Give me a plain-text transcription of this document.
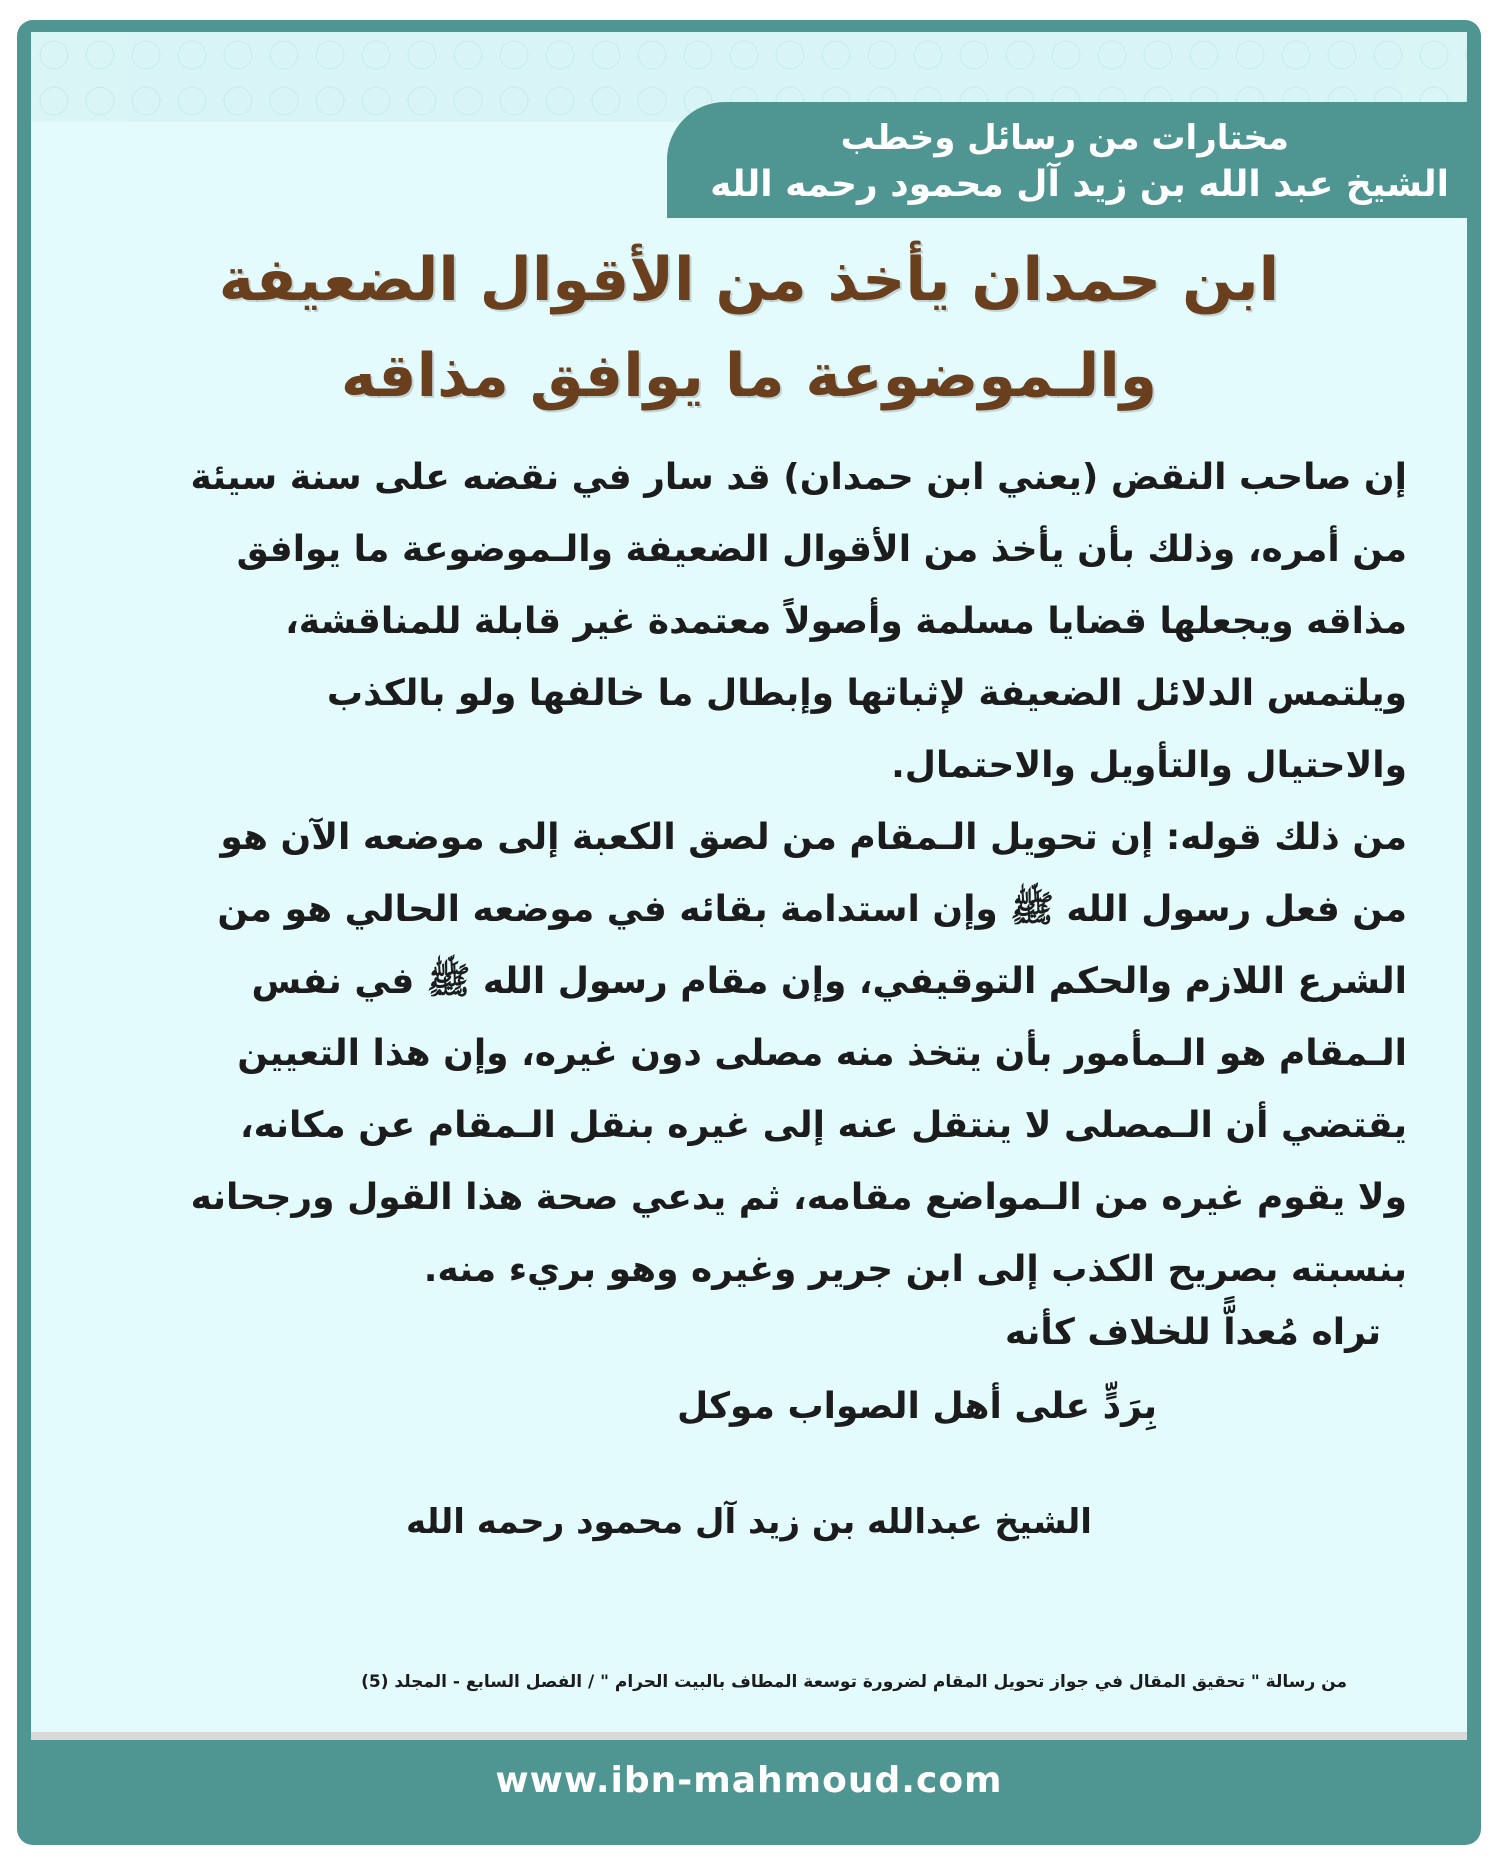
مختارات من رسائل وخطب
الشيخ عبد الله بن زيد آل محمود رحمه الله
ابن حمدان يأخذ من الأقوال الضعيفة
والـموضوعة ما يوافق مذاقه
إن صاحب النقض (يعني ابن حمدان) قد سار في نقضه على سنة سيئة
من أمره، وذلك بأن يأخذ من الأقوال الضعيفة والـموضوعة ما يوافق
مذاقه ويجعلها قضايا مسلمة وأصولاً معتمدة غير قابلة للمناقشة،
ويلتمس الدلائل الضعيفة لإثباتها وإبطال ما خالفها ولو بالكذب
والاحتيال والتأويل والاحتمال.
من ذلك قوله: إن تحويل الـمقام من لصق الكعبة إلى موضعه الآن هو
من فعل رسول الله ﷺ وإن استدامة بقائه في موضعه الحالي هو من
الشرع اللازم والحكم التوقيفي، وإن مقام رسول الله ﷺ في نفس
الـمقام هو الـمأمور بأن يتخذ منه مصلى دون غيره، وإن هذا التعيين
يقتضي أن الـمصلى لا ينتقل عنه إلى غيره بنقل الـمقام عن مكانه،
ولا يقوم غيره من الـمواضع مقامه، ثم يدعي صحة هذا القول ورجحانه
بنسبته بصريح الكذب إلى ابن جرير وغيره وهو بريء منه.
تراه مُعداًّ للخلاف كأنه
بِرَدٍّ على أهل الصواب موكل
الشيخ عبدالله بن زيد آل محمود رحمه الله
من رسالة " تحقيق المقال في جواز تحويل المقام لضرورة توسعة المطاف بالبيت الحرام " / الفصل السابع - المجلد (5)
www.ibn-mahmoud.com
